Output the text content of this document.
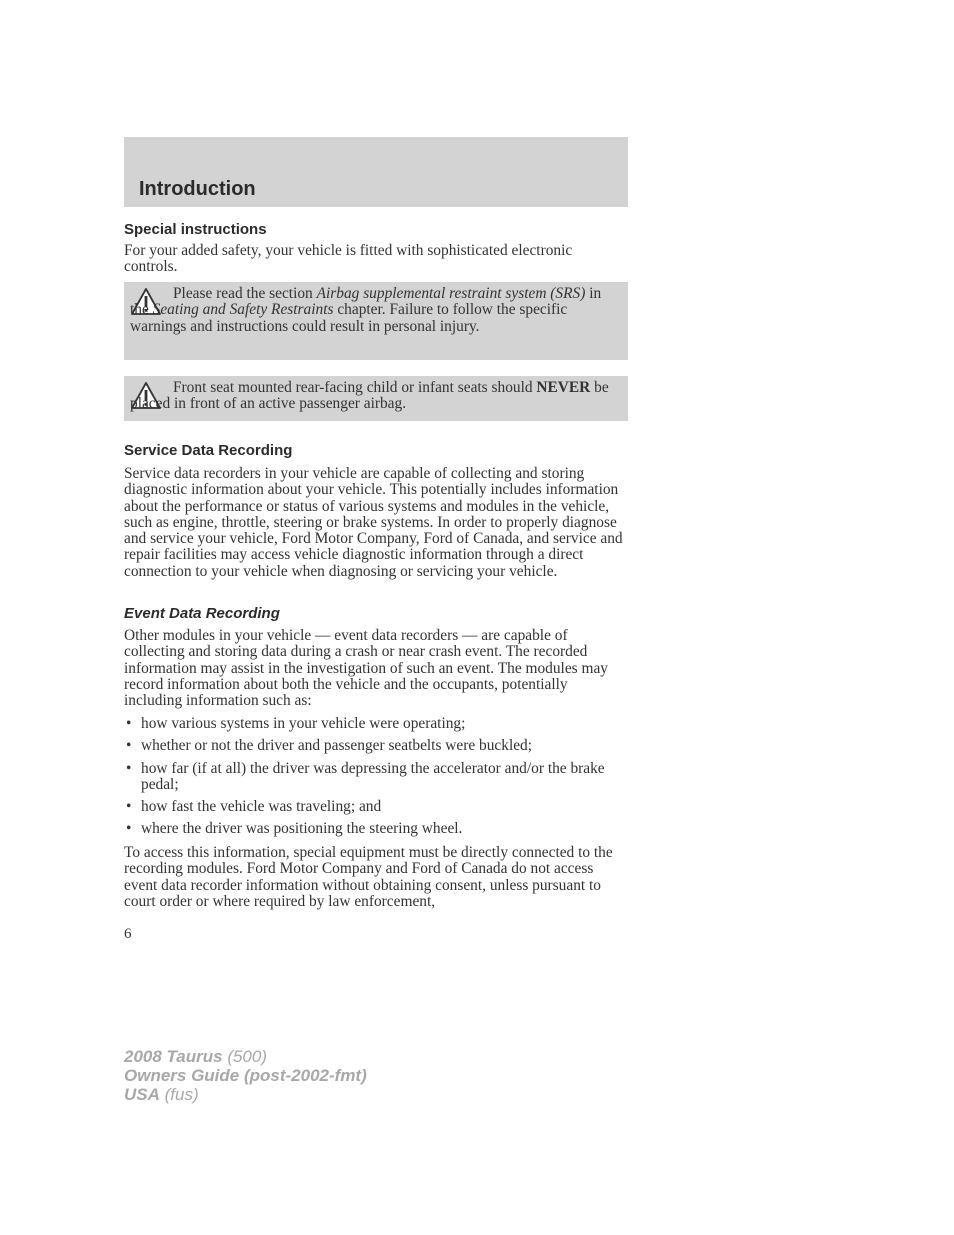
Introduction
Special instructions

For your added safety, your vehicle is fitted with sophisticated electronic controls.

Please read the section Airbag supplemental restraint system (SRS) in the Seating and Safety Restraints chapter. Failure to follow the specific warnings and instructions could result in personal injury.

Front seat mounted rear-facing child or infant seats should NEVER be placed in front of an active passenger airbag.

Service Data Recording

Service data recorders in your vehicle are capable of collecting and storing diagnostic information about your vehicle. This potentially includes information about the performance or status of various systems and modules in the vehicle, such as engine, throttle, steering or brake systems. In order to properly diagnose and service your vehicle, Ford Motor Company, Ford of Canada, and service and repair facilities may access vehicle diagnostic information through a direct connection to your vehicle when diagnosing or servicing your vehicle.

Event Data Recording

Other modules in your vehicle — event data recorders — are capable of collecting and storing data during a crash or near crash event. The recorded information may assist in the investigation of such an event. The modules may record information about both the vehicle and the occupants, potentially including information such as:

• how various systems in your vehicle were operating;
• whether or not the driver and passenger seatbelts were buckled;
• how far (if at all) the driver was depressing the accelerator and/or the brake pedal;
• how fast the vehicle was traveling; and
• where the driver was positioning the steering wheel.

To access this information, special equipment must be directly connected to the recording modules. Ford Motor Company and Ford of Canada do not access event data recorder information without obtaining consent, unless pursuant to court order or where required by law enforcement,

6

2008 Taurus (500)
Owners Guide (post-2002-fmt)
USA (fus)
